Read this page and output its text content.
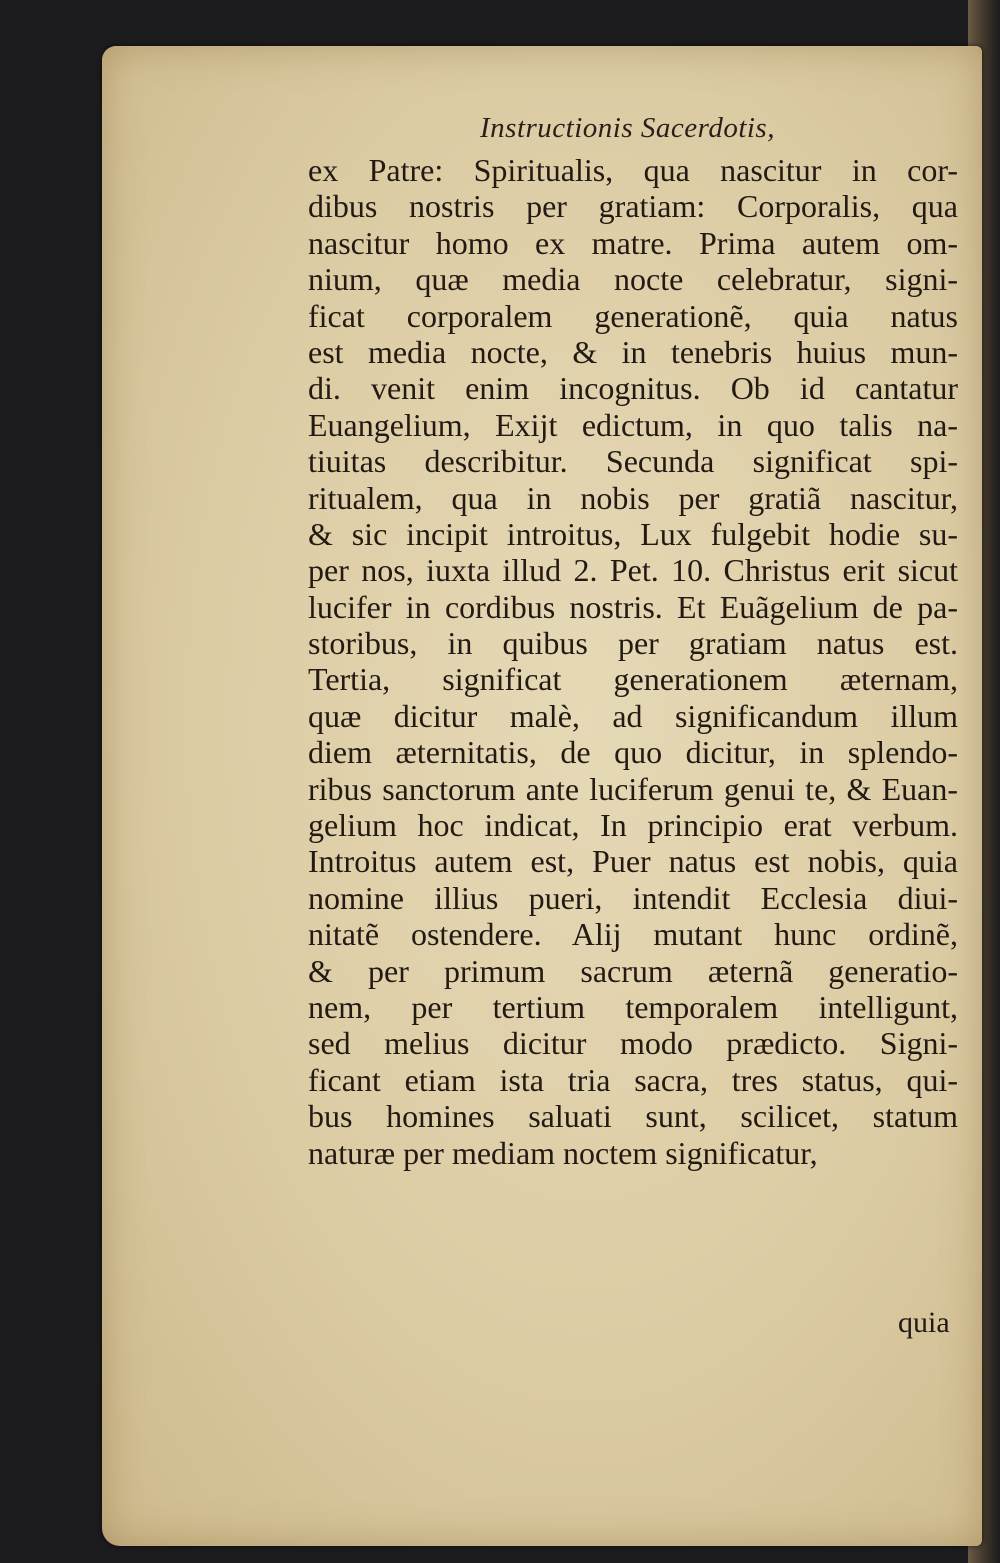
Instructionis Sacerdotis,
ex Patre: Spiritualis, qua nascitur in cor-
dibus nostris per gratiam: Corporalis, qua
nascitur homo ex matre. Prima autem om-
nium, quæ media nocte celebratur, signi-
ficat corporalem generationẽ, quia natus
est media nocte, & in tenebris huius mun-
di. venit enim incognitus. Ob id cantatur
Euangelium, Exijt edictum, in quo talis na-
tiuitas describitur. Secunda significat spi-
ritualem, qua in nobis per gratiã nascitur,
& sic incipit introitus, Lux fulgebit hodie su-
per nos, iuxta illud 2. Pet. 10. Christus erit sicut
lucifer in cordibus nostris. Et Euãgelium de pa-
storibus, in quibus per gratiam natus est.
Tertia, significat generationem æternam,
quæ dicitur malè, ad significandum illum
diem æternitatis, de quo dicitur, in splendo-
ribus sanctorum ante luciferum genui te, & Euan-
gelium hoc indicat, In principio erat verbum.
Introitus autem est, Puer natus est nobis, quia
nomine illius pueri, intendit Ecclesia diui-
nitatẽ ostendere. Alij mutant hunc ordinẽ,
& per primum sacrum æternã generatio-
nem, per tertium temporalem intelligunt,
sed melius dicitur modo prædicto. Signi-
ficant etiam ista tria sacra, tres status, qui-
bus homines saluati sunt, scilicet, statum
naturæ per mediam noctem significatur,
quia
